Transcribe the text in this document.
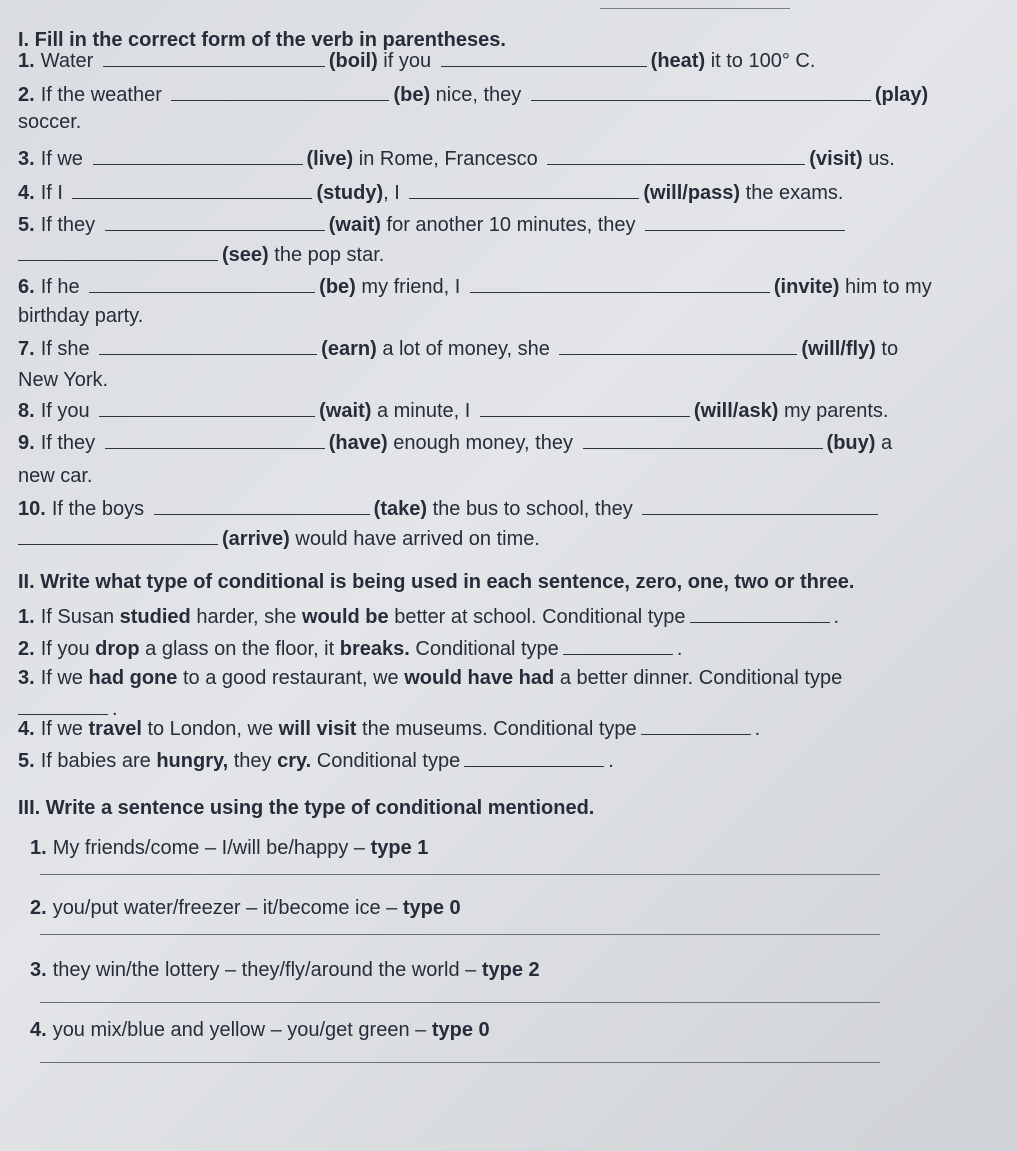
I. Fill in the correct form of the verb in parentheses.
1. Water	(boil) if you	(heat) it to 100° C.
2. If the weather	(be) nice, they	(play)
soccer.
3. If we	(live) in Rome, Francesco	(visit) us.
4. If I	(study), I	(will/pass) the exams.
5. If they	(wait) for another 10 minutes, they
(see) the pop star.
6. If he	(be) my friend, I	(invite) him to my
birthday party.
7. If she	(earn) a lot of money, she	(will/fly) to
New York.
8. If you	(wait) a minute, I	(will/ask) my parents.
9. If they	(have) enough money, they	(buy) a
new car.
10. If the boys	(take) the bus to school, they
(arrive) would have arrived on time.
II. Write what type of conditional is being used in each sentence, zero, one, two or three.
1. If Susan studied harder, she would be better at school. Conditional type	.
2. If you drop a glass on the floor, it breaks. Conditional type	.
3. If we had gone to a good restaurant, we would have had a better dinner. Conditional type
.
4. If we travel to London, we will visit the museums. Conditional type	.
5. If babies are hungry, they cry. Conditional type	.
III. Write a sentence using the type of conditional mentioned.
1. My friends/come – I/will be/happy – type 1
2. you/put water/freezer – it/become ice – type 0
3. they win/the lottery – they/fly/around the world – type 2
4. you mix/blue and yellow – you/get green – type 0
